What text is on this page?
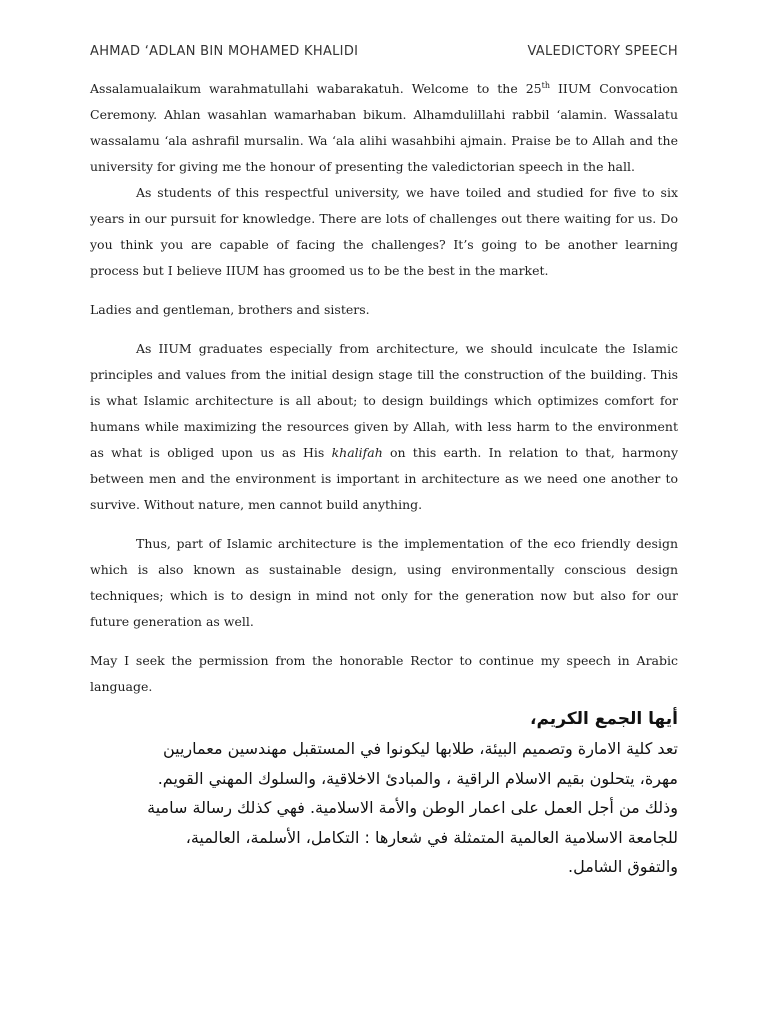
AHMAD ‘ADLAN BIN MOHAMED KHALIDI	VALEDICTORY SPEECH

Assalamualaikum warahmatullahi wabarakatuh. Welcome to the 25th IIUM Convocation Ceremony. Ahlan wasahlan wamarhaban bikum. Alhamdulillahi rabbil ‘alamin. Wassalatu wassalamu ‘ala ashrafil mursalin. Wa ‘ala alihi wasahbihi ajmain. Praise be to Allah and the university for giving me the honour of presenting the valedictorian speech in the hall.

As students of this respectful university, we have toiled and studied for five to six years in our pursuit for knowledge. There are lots of challenges out there waiting for us. Do you think you are capable of facing the challenges? It’s going to be another learning process but I believe IIUM has groomed us to be the best in the market.

Ladies and gentleman, brothers and sisters.

As IIUM graduates especially from architecture, we should inculcate the Islamic principles and values from the initial design stage till the construction of the building. This is what Islamic architecture is all about; to design buildings which optimizes comfort for humans while maximizing the resources given by Allah, with less harm to the environment as what is obliged upon us as His khalifah on this earth. In relation to that, harmony between men and the environment is important in architecture as we need one another to survive. Without nature, men cannot build anything.

Thus, part of Islamic architecture is the implementation of the eco friendly design which is also known as sustainable design, using environmentally conscious design techniques; which is to design in mind not only for the generation now but also for our future generation as well.

May I seek the permission from the honorable Rector to continue my speech in Arabic language.

أيها الجمع الكريم،

تعد كلية الامارة وتصميم البيئة، طلابها ليكونوا في المستقبل مهندسين معماريين

مهرة، يتحلون بقيم الاسلام الراقية ، والمبادئ الاخلاقية، والسلوك المهني القويم.

وذلك من أجل العمل على اعمار الوطن والأمة الاسلامية. فهي كذلك رسالة سامية

للجامعة الاسلامية العالمية المتمثلة في شعارها : التكامل، الأسلمة، العالمية،

والتفوق الشامل.
